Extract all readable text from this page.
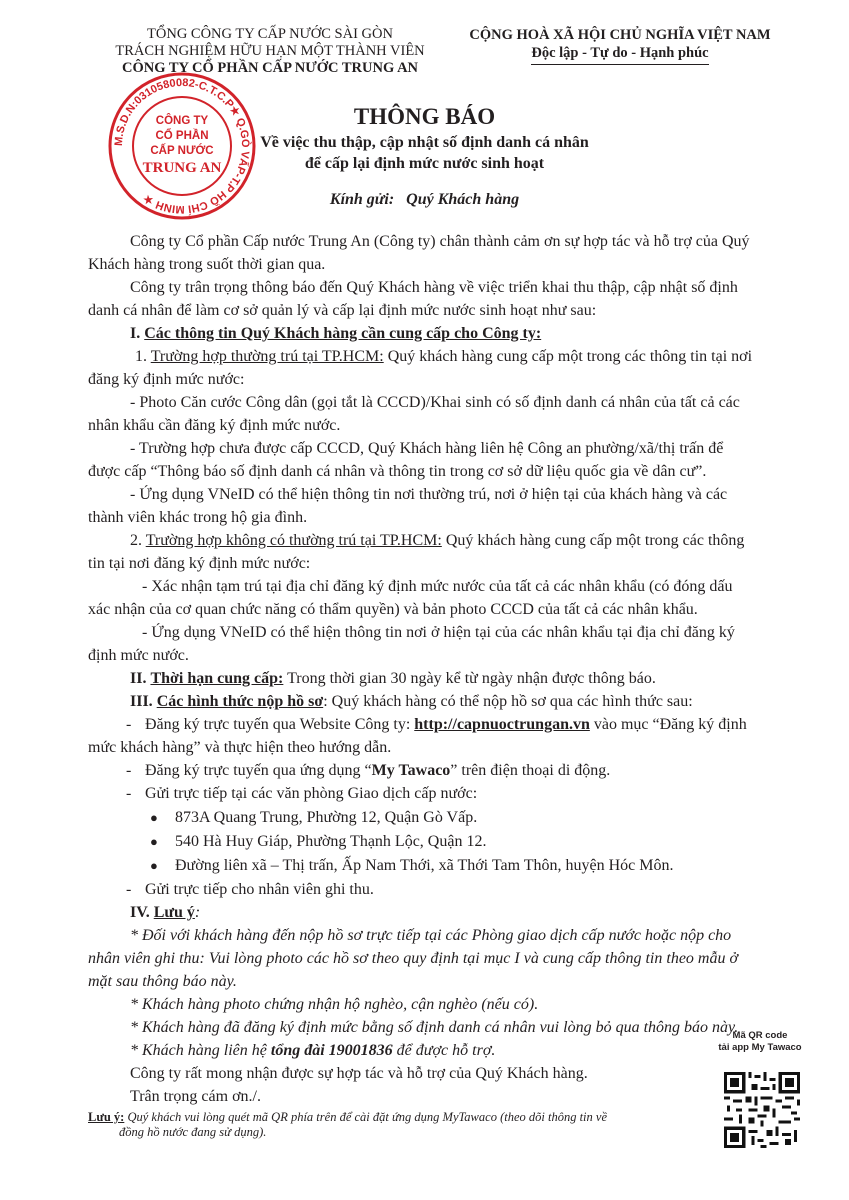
TỔNG CÔNG TY CẤP NƯỚC SÀI GÒN
TRÁCH NGHIỆM HỮU HẠN MỘT THÀNH VIÊN
CÔNG TY CỔ PHẦN CẤP NƯỚC TRUNG AN
CỘNG HOÀ XÃ HỘI CHỦ NGHĨA VIỆT NAM
Độc lập - Tự do - Hạnh phúc
M.S.D.N:0310580082-C.T.C.P★ Q.GÒ VẤP-T.P HỒ CHÍ MINH ★
CÔNG TY
CỔ PHẦN
CẤP NƯỚC
TRUNG AN
THÔNG BÁO
Về việc thu thập, cập nhật số định danh cá nhân
để cấp lại định mức nước sinh hoạt
Kính gửi: Quý Khách hàng
Công ty Cổ phần Cấp nước Trung An (Công ty) chân thành cảm ơn sự hợp tác và hỗ trợ của Quý
Khách hàng trong suốt thời gian qua.
Công ty trân trọng thông báo đến Quý Khách hàng về việc triển khai thu thập, cập nhật số định
danh cá nhân để làm cơ sở quản lý và cấp lại định mức nước sinh hoạt như sau:
I. Các thông tin Quý Khách hàng cần cung cấp cho Công ty:
1. Trường hợp thường trú tại TP.HCM: Quý khách hàng cung cấp một trong các thông tin tại nơi
đăng ký định mức nước:
- Photo Căn cước Công dân (gọi tắt là CCCD)/Khai sinh có số định danh cá nhân của tất cả các
nhân khẩu cần đăng ký định mức nước.
- Trường hợp chưa được cấp CCCD, Quý Khách hàng liên hệ Công an phường/xã/thị trấn để
được cấp “Thông báo số định danh cá nhân và thông tin trong cơ sở dữ liệu quốc gia về dân cư”.
- Ứng dụng VNeID có thể hiện thông tin nơi thường trú, nơi ở hiện tại của khách hàng và các
thành viên khác trong hộ gia đình.
2. Trường hợp không có thường trú tại TP.HCM: Quý khách hàng cung cấp một trong các thông
tin tại nơi đăng ký định mức nước:
- Xác nhận tạm trú tại địa chỉ đăng ký định mức nước của tất cả các nhân khẩu (có đóng dấu
xác nhận của cơ quan chức năng có thẩm quyền) và bản photo CCCD của tất cả các nhân khẩu.
- Ứng dụng VNeID có thể hiện thông tin nơi ở hiện tại của các nhân khẩu tại địa chỉ đăng ký
định mức nước.
II. Thời hạn cung cấp: Trong thời gian 30 ngày kể từ ngày nhận được thông báo.
III. Các hình thức nộp hồ sơ: Quý khách hàng có thể nộp hồ sơ qua các hình thức sau:
- Đăng ký trực tuyến qua Website Công ty: http://capnuoctrungan.vn vào mục “Đăng ký định
mức khách hàng” và thực hiện theo hướng dẫn.
- Đăng ký trực tuyến qua ứng dụng “My Tawaco” trên điện thoại di động.
- Gửi trực tiếp tại các văn phòng Giao dịch cấp nước:
● 873A Quang Trung, Phường 12, Quận Gò Vấp.
● 540 Hà Huy Giáp, Phường Thạnh Lộc, Quận 12.
● Đường liên xã – Thị trấn, Ấp Nam Thới, xã Thới Tam Thôn, huyện Hóc Môn.
- Gửi trực tiếp cho nhân viên ghi thu.
IV. Lưu ý:
* Đối với khách hàng đến nộp hồ sơ trực tiếp tại các Phòng giao dịch cấp nước hoặc nộp cho
nhân viên ghi thu: Vui lòng photo các hồ sơ theo quy định tại mục I và cung cấp thông tin theo mẫu ở
mặt sau thông báo này.
* Khách hàng photo chứng nhận hộ nghèo, cận nghèo (nếu có).
* Khách hàng đã đăng ký định mức bằng số định danh cá nhân vui lòng bỏ qua thông báo này.
* Khách hàng liên hệ tổng đài 19001836 để được hỗ trợ.
Công ty rất mong nhận được sự hợp tác và hỗ trợ của Quý Khách hàng.
Trân trọng cám ơn./.
Mã QR code
tải app My Tawaco
Lưu ý: Quý khách vui lòng quét mã QR phía trên để cài đặt ứng dụng MyTawaco (theo dõi thông tin về
đồng hồ nước đang sử dụng).
